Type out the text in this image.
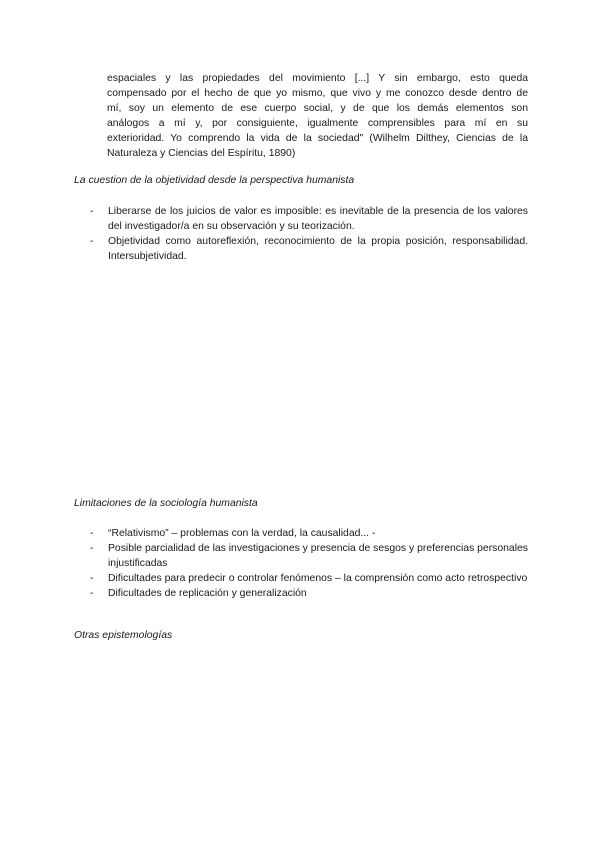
espaciales y las propiedades del movimiento [...] Y sin embargo, esto queda
compensado por el hecho de que yo mismo, que vivo y me conozco desde dentro de
mí, soy un elemento de ese cuerpo social, y de que los demás elementos son
análogos a mí y, por consiguiente, igualmente comprensibles para mí en su
exterioridad. Yo comprendo la vida de la sociedad" (Wilhelm Dilthey, Ciencias de la
Naturaleza y Ciencias del Espíritu, 1890)
La cuestion de la objetividad desde la perspectiva humanista
- Liberarse de los juicios de valor es imposible: es inevitable de la presencia de los valores del investigador/a en su observación y su teorización.
- Objetividad como autoreflexión, reconocimiento de la propia posición, responsabilidad. Intersubjetividad.
Limitaciones de la sociología humanista
- “Relativismo” – problemas con la verdad, la causalidad... -
- Posible parcialidad de las investigaciones y presencia de sesgos y preferencias personales injustificadas
- Dificultades para predecir o controlar fenómenos – la comprensión como acto retrospectivo
- Dificultades de replicación y generalización
Otras epistemologías
